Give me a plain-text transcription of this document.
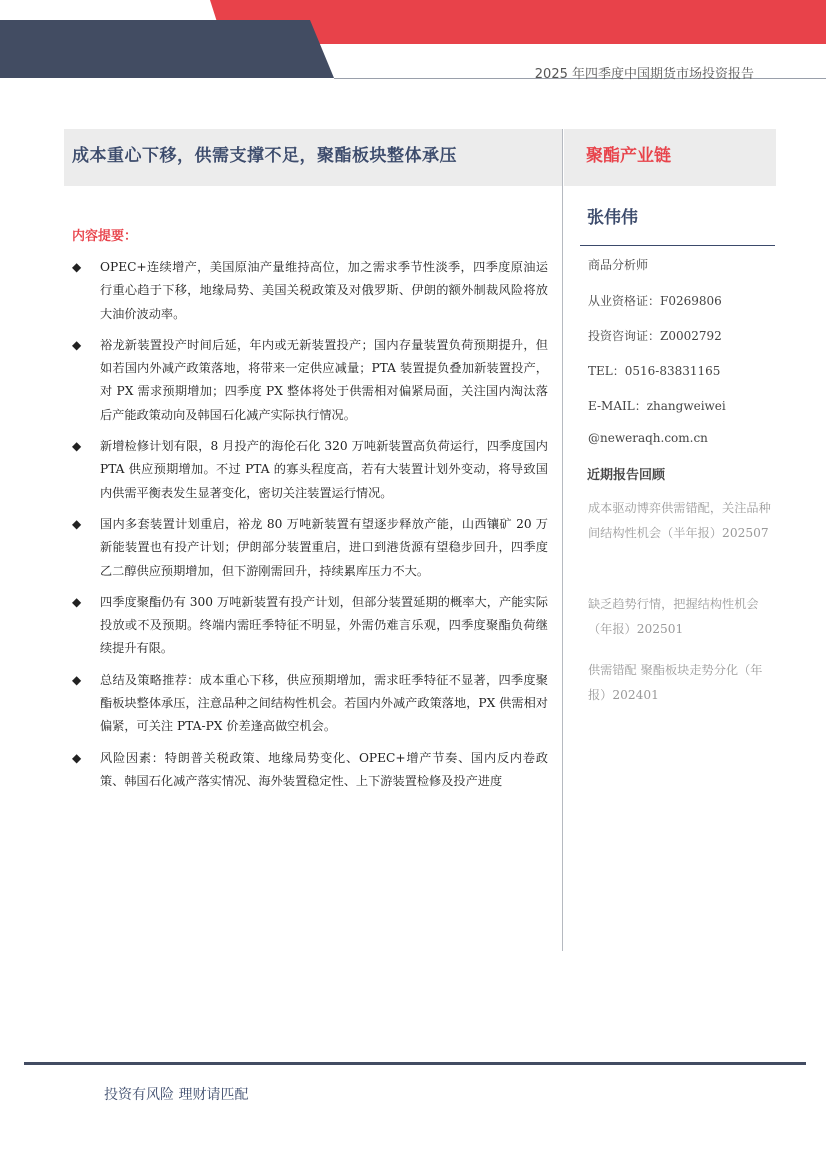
2025 年四季度中国期货市场投资报告
成本重心下移，供需支撑不足，聚酯板块整体承压	聚酯产业链
内容提要：
◆ OPEC+连续增产，美国原油产量维持高位，加之需求季节性淡季，四季度原油运行重心趋于下移，地缘局势、美国关税政策及对俄罗斯、伊朗的额外制裁风险将放大油价波动率。
◆ 裕龙新装置投产时间后延，年内或无新装置投产；国内存量装置负荷预期提升，但如若国内外减产政策落地，将带来一定供应减量；PTA 装置提负叠加新装置投产，对 PX 需求预期增加；四季度 PX 整体将处于供需相对偏紧局面，关注国内淘汰落后产能政策动向及韩国石化减产实际执行情况。
◆ 新增检修计划有限，8 月投产的海伦石化 320 万吨新装置高负荷运行，四季度国内 PTA 供应预期增加。不过 PTA 的寡头程度高，若有大装置计划外变动，将导致国内供需平衡表发生显著变化，密切关注装置运行情况。
◆ 国内多套装置计划重启，裕龙 80 万吨新装置有望逐步释放产能，山西镶矿 20 万新能装置也有投产计划；伊朗部分装置重启，进口到港货源有望稳步回升，四季度乙二醇供应预期增加，但下游刚需回升，持续累库压力不大。
◆ 四季度聚酯仍有 300 万吨新装置有投产计划，但部分装置延期的概率大，产能实际投放或不及预期。终端内需旺季特征不明显，外需仍难言乐观，四季度聚酯负荷继续提升有限。
◆ 总结及策略推荐：成本重心下移，供应预期增加，需求旺季特征不显著，四季度聚酯板块整体承压，注意品种之间结构性机会。若国内外减产政策落地，PX 供需相对偏紧，可关注 PTA-PX 价差逢高做空机会。
◆ 风险因素：特朗普关税政策、地缘局势变化、OPEC+增产节奏、国内反内卷政策、韩国石化减产落实情况、海外装置稳定性、上下游装置检修及投产进度
张伟伟
商品分析师
从业资格证：F0269806
投资咨询证：Z0002792
TEL：0516-83831165
E-MAIL：zhangweiwei
@neweraqh.com.cn
近期报告回顾
成本驱动博弈供需错配，关注品种间结构性机会（半年报）202507
缺乏趋势行情，把握结构性机会（年报）202501
供需错配 聚酯板块走势分化（年报）202401
投资有风险 理财请匹配
